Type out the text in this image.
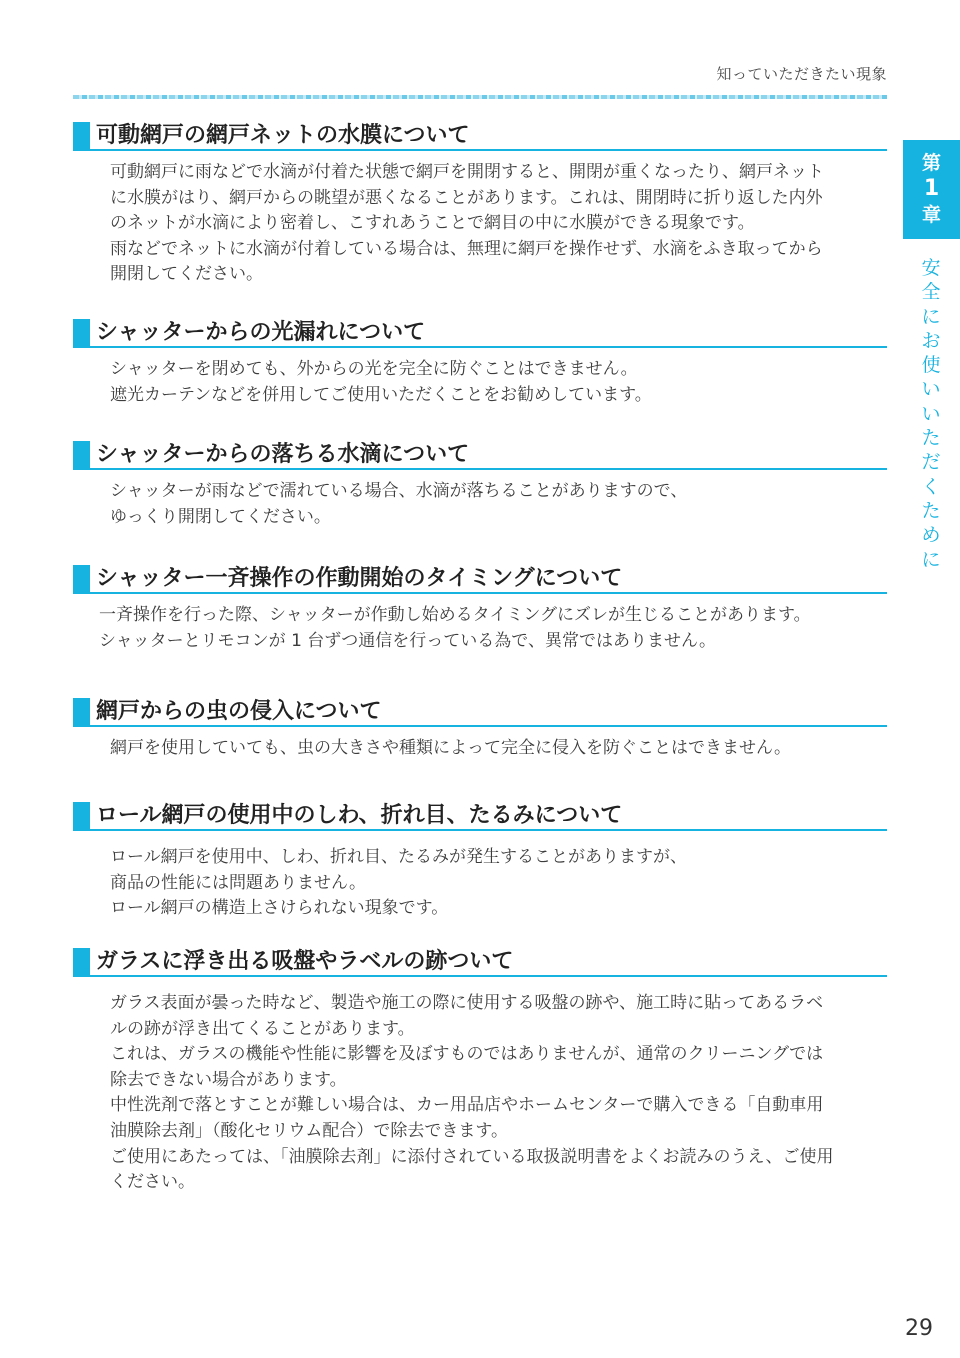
知っていただきたい現象
第
1
章
安
全
に
お
使
い
い
た
だ
く
た
め
に
可動網戸の網戸ネットの水膜について

可動網戸に雨などで水滴が付着た状態で網戸を開閉すると、開閉が重くなったり、網戸ネット

に水膜がはり、網戸からの眺望が悪くなることがあります。これは、開閉時に折り返した内外

のネットが水滴により密着し、こすれあうことで網目の中に水膜ができる現象です。

雨などでネットに水滴が付着している場合は、無理に網戸を操作せず、水滴をふき取ってから

開閉してください。

シャッターからの光漏れについて

シャッターを閉めても、外からの光を完全に防ぐことはできません。

遮光カーテンなどを併用してご使用いただくことをお勧めしています。

シャッターからの落ちる水滴について

シャッターが雨などで濡れている場合、水滴が落ちることがありますので、

ゆっくり開閉してください。

シャッター一斉操作の作動開始のタイミングについて

一斉操作を行った際、シャッターが作動し始めるタイミングにズレが生じることがあります。

シャッターとリモコンが 1 台ずつ通信を行っている為で、異常ではありません。

網戸からの虫の侵入について

網戸を使用していても、虫の大きさや種類によって完全に侵入を防ぐことはできません。

ロール網戸の使用中のしわ、折れ目、たるみについて

ロール網戸を使用中、しわ、折れ目、たるみが発生することがありますが、

商品の性能には問題ありません。

ロール網戸の構造上さけられない現象です。

ガラスに浮き出る吸盤やラベルの跡ついて

ガラス表面が曇った時など、製造や施工の際に使用する吸盤の跡や、施工時に貼ってあるラベ

ルの跡が浮き出てくることがあります。

これは、ガラスの機能や性能に影響を及ぼすものではありませんが、通常のクリーニングでは

除去できない場合があります。

中性洗剤で落とすことが難しい場合は、カー用品店やホームセンターで購入できる「自動車用

油膜除去剤」（酸化セリウム配合）で除去できます。

ご使用にあたっては、「油膜除去剤」に添付されている取扱説明書をよくお読みのうえ、ご使用

ください。

29
